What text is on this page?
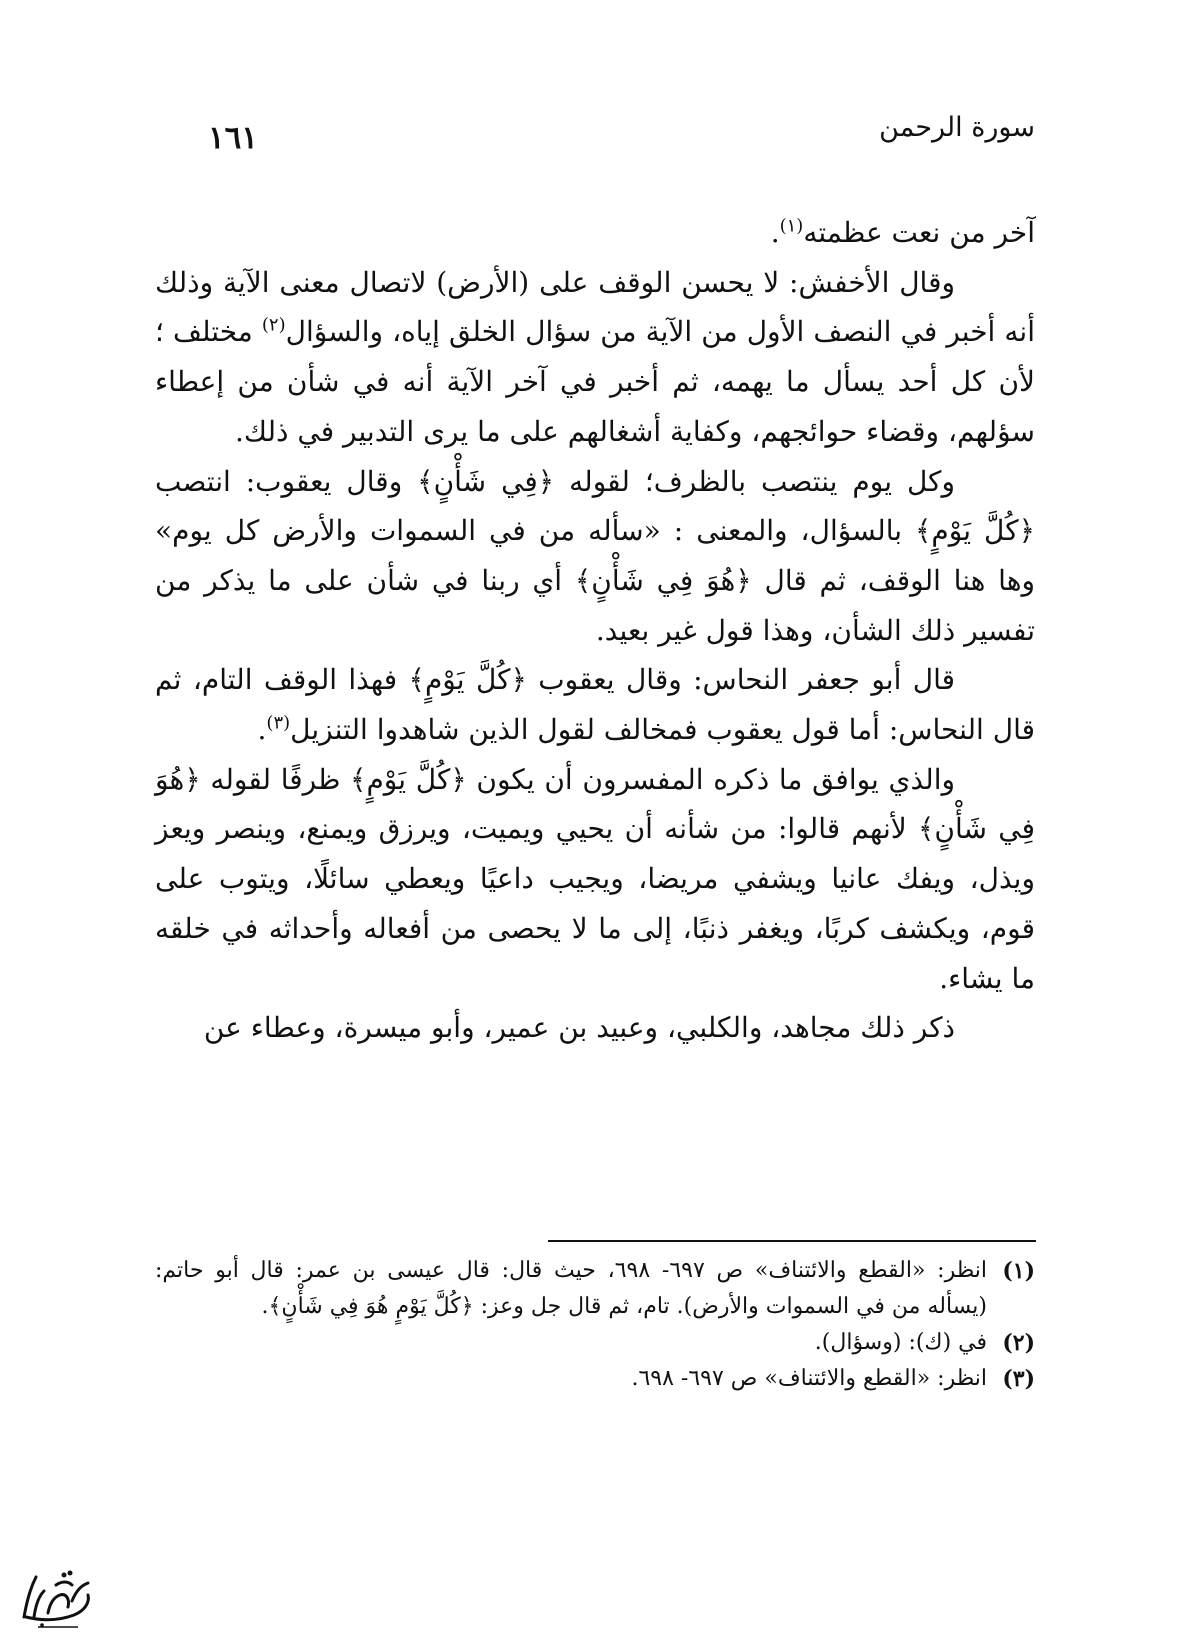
سورة الرحمن
١٦١

آخر من نعت عظمته$^{(١)}$.

وقال الأخفش: لا يحسن الوقف على (الأرض) لاتصال معنى الآية وذلك أنه أخبر في النصف الأول من الآية من سؤال الخلق إياه، والسؤال$^{(٢)}$ مختلف ؛ لأن كل أحد يسأل ما يهمه، ثم أخبر في آخر الآية أنه في شأن من إعطاء سؤلهم، وقضاء حوائجهم، وكفاية أشغالهم على ما يرى التدبير في ذلك.

وكل يوم ينتصب بالظرف؛ لقوله ﴿فِي شَأْنٍ﴾ وقال يعقوب: انتصب ﴿كُلَّ يَوْمٍ﴾ بالسؤال، والمعنى : «سأله من في السموات والأرض كل يوم» وها هنا الوقف، ثم قال ﴿هُوَ فِي شَأْنٍ﴾ أي ربنا في شأن على ما يذكر من تفسير ذلك الشأن، وهذا قول غير بعيد.

قال أبو جعفر النحاس: وقال يعقوب ﴿كُلَّ يَوْمٍ﴾ فهذا الوقف التام، ثم قال النحاس: أما قول يعقوب فمخالف لقول الذين شاهدوا التنزيل$^{(٣)}$.

والذي يوافق ما ذكره المفسرون أن يكون ﴿كُلَّ يَوْمٍ﴾ ظرفًا لقوله ﴿هُوَ فِي شَأْنٍ﴾ لأنهم قالوا: من شأنه أن يحيي ويميت، ويرزق ويمنع، وينصر ويعز ويذل، ويفك عانيا ويشفي مريضا، ويجيب داعيًا ويعطي سائلًا، ويتوب على قوم، ويكشف كربًا، ويغفر ذنبًا، إلى ما لا يحصى من أفعاله وأحداثه في خلقه ما يشاء.

ذكر ذلك مجاهد، والكلبي، وعبيد بن عمير، وأبو ميسرة، وعطاء عن

(١)
انظر: «القطع والائتناف» ص ٦٩٧- ٦٩٨، حيث قال: قال عيسى بن عمر: قال أبو حاتم: (يسأله من في السموات والأرض). تام، ثم قال جل وعز: ﴿كُلَّ يَوْمٍ هُوَ فِي شَأْنٍ﴾.
(٢)
في (ك): (وسؤال).
(٣)
انظر: «القطع والائتناف» ص ٦٩٧- ٦٩٨.
